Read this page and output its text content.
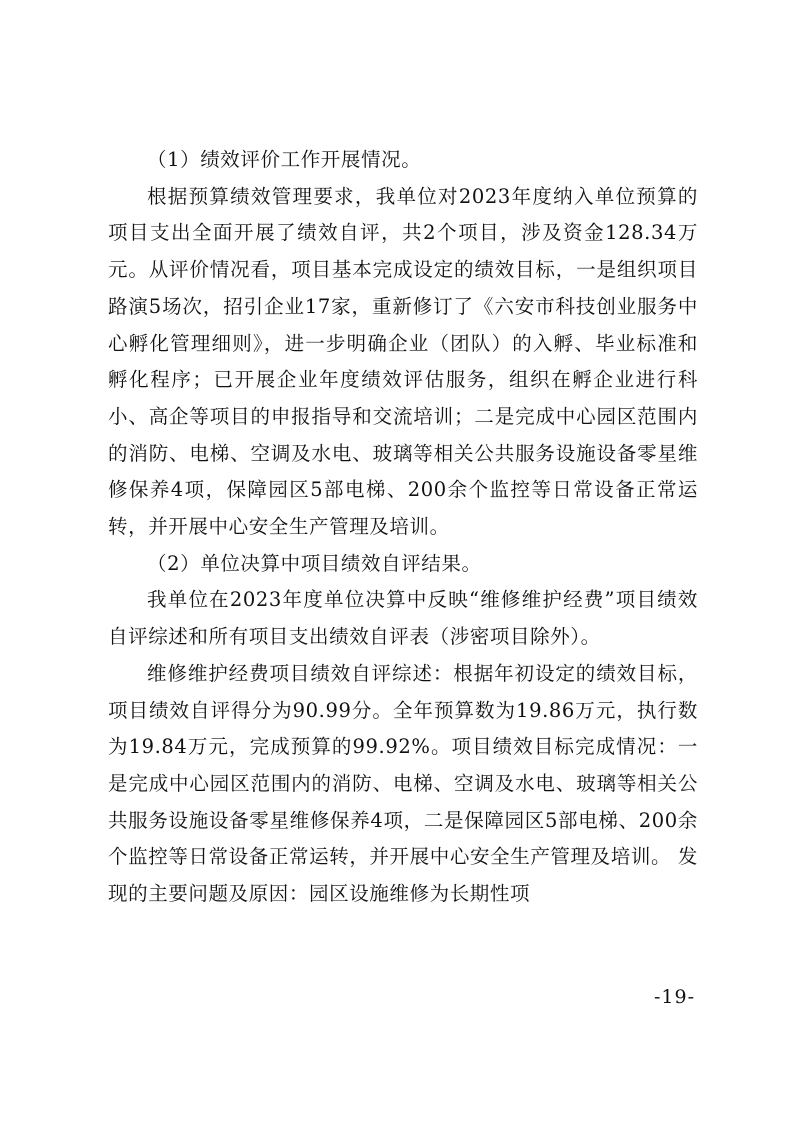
（1）绩效评价工作开展情况。

根据预算绩效管理要求，我单位对2023年度纳入单位预算的项目支出全面开展了绩效自评，共2个项目，涉及资金128.34万元。从评价情况看，项目基本完成设定的绩效目标，一是组织项目路演5场次，招引企业17家，重新修订了《六安市科技创业服务中心孵化管理细则》，进一步明确企业（团队）的入孵、毕业标准和孵化程序；已开展企业年度绩效评估服务，组织在孵企业进行科小、高企等项目的申报指导和交流培训；二是完成中心园区范围内的消防、电梯、空调及水电、玻璃等相关公共服务设施设备零星维修保养4项，保障园区5部电梯、200余个监控等日常设备正常运转，并开展中心安全生产管理及培训。

（2）单位决算中项目绩效自评结果。

我单位在2023年度单位决算中反映“维修维护经费”项目绩效自评综述和所有项目支出绩效自评表（涉密项目除外）。

维修维护经费项目绩效自评综述：根据年初设定的绩效目标，项目绩效自评得分为90.99分。全年预算数为19.86万元，执行数为19.84万元，完成预算的99.92%。项目绩效目标完成情况：一是完成中心园区范围内的消防、电梯、空调及水电、玻璃等相关公共服务设施设备零星维修保养4项，二是保障园区5部电梯、200余个监控等日常设备正常运转，并开展中心安全生产管理及培训。 发现的主要问题及原因：园区设施维修为长期性项

-19-
